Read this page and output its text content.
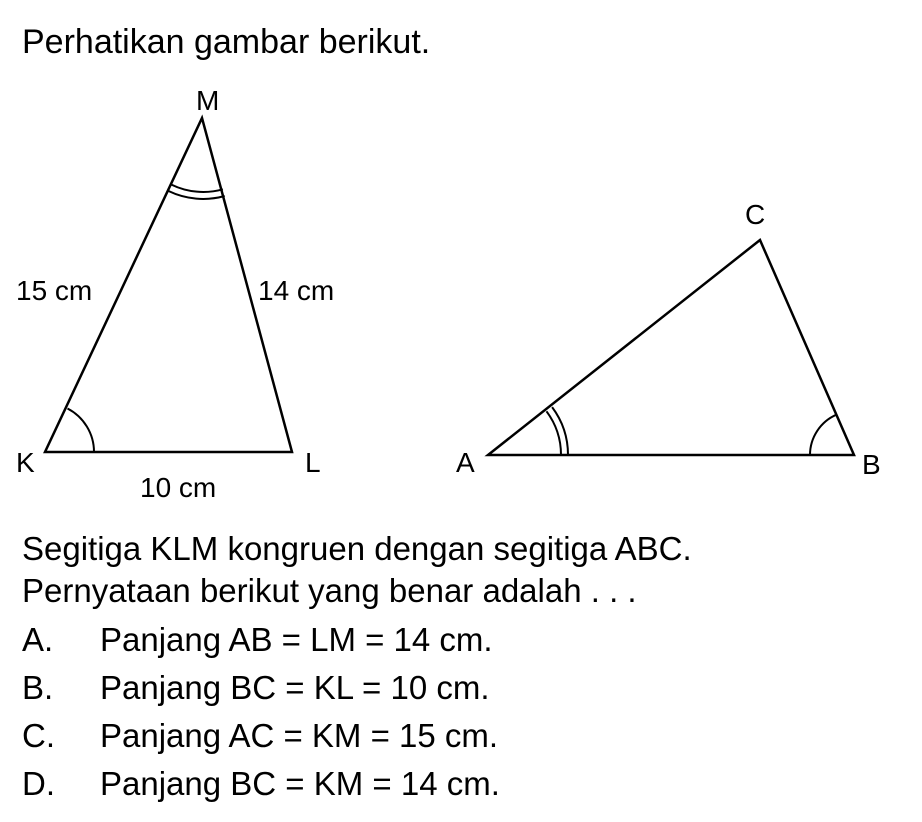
Perhatikan gambar berikut.
M
K	L
15 cm	14 cm
10 cm
C
A	B
Segitiga KLM kongruen dengan segitiga ABC.
Pernyataan berikut yang benar adalah . . .
A.	Panjang AB = LM = 14 cm.
B.	Panjang BC = KL = 10 cm.
C.	Panjang AC = KM = 15 cm.
D.	Panjang BC = KM = 14 cm.
